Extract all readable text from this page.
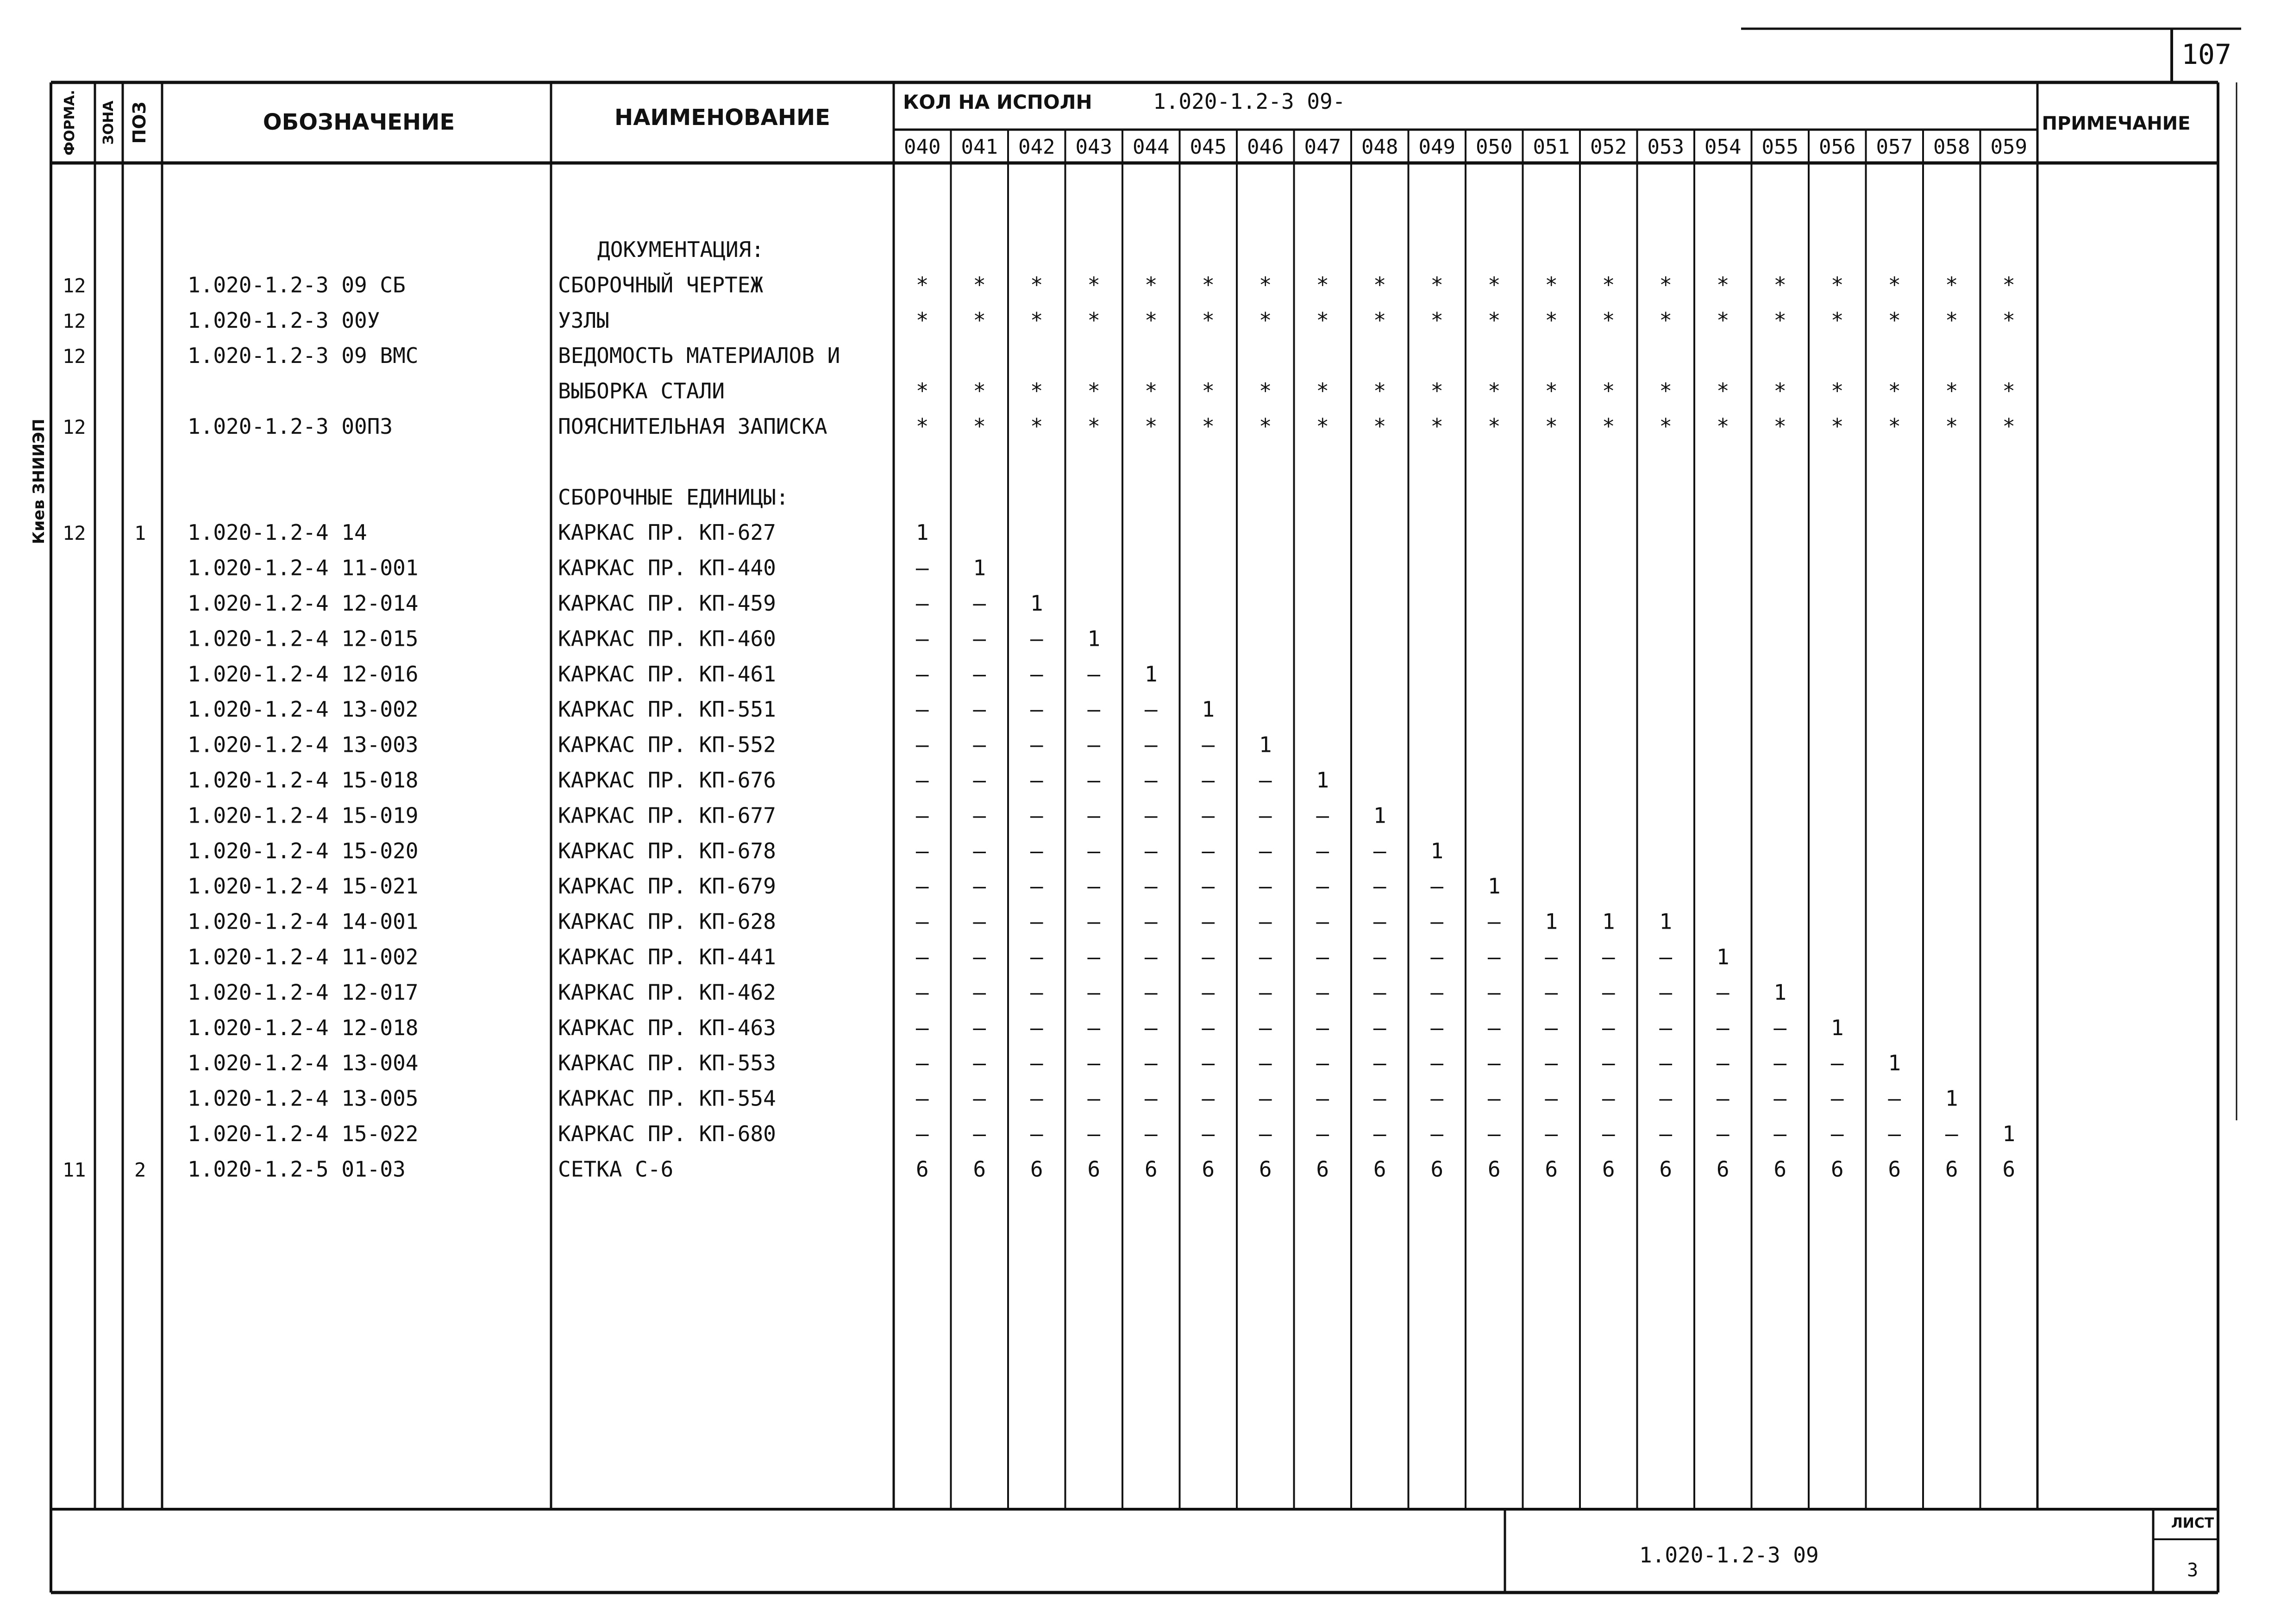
107
Киев ЗНИИЭП
ФОРМА. ЗОНА ПОЗ	ОБОЗНАЧЕНИЕ	НАИМЕНОВАНИЕ
КОЛ НА ИСПОЛН	1.020-1.2-3 09-
ПРИМЕЧАНИЕ
040 041 042 043 044 045 046 047 048 049 050 051 052 053 054 055 056 057 058 059
ДОКУМЕНТАЦИЯ:
12	1.020-1.2-3 09 СБ	СБОРОЧНЫЙ ЧЕРТЕЖ	* * * * * * * * * * * * * * * * * * * *
12	1.020-1.2-3 00У	УЗЛЫ	* * * * * * * * * * * * * * * * * * * *
12	1.020-1.2-3 09 ВМС	ВЕДОМОСТЬ МАТЕРИАЛОВ И
ВЫБОРКА СТАЛИ	* * * * * * * * * * * * * * * * * * * *
12	1.020-1.2-3 00ПЗ	ПОЯСНИТЕЛЬНАЯ ЗАПИСКА	* * * * * * * * * * * * * * * * * * * *
СБОРОЧНЫЕ ЕДИНИЦЫ:
12 1 1.020-1.2-4 14	КАРКАС ПР. КП-627	1
1.020-1.2-4 11-001	КАРКАС ПР. КП-440	– 1
1.020-1.2-4 12-014	КАРКАС ПР. КП-459	– – 1
1.020-1.2-4 12-015	КАРКАС ПР. КП-460	– – – 1
1.020-1.2-4 12-016	КАРКАС ПР. КП-461	– – – – 1
1.020-1.2-4 13-002	КАРКАС ПР. КП-551	– – – – – 1
1.020-1.2-4 13-003	КАРКАС ПР. КП-552	– – – – – – 1
1.020-1.2-4 15-018	КАРКАС ПР. КП-676	– – – – – – – 1
1.020-1.2-4 15-019	КАРКАС ПР. КП-677	– – – – – – – – 1
1.020-1.2-4 15-020	КАРКАС ПР. КП-678	– – – – – – – – – 1
1.020-1.2-4 15-021	КАРКАС ПР. КП-679	– – – – – – – – – – 1
1.020-1.2-4 14-001	КАРКАС ПР. КП-628	– – – – – – – – – – – 1 1 1
1.020-1.2-4 11-002	КАРКАС ПР. КП-441	– – – – – – – – – – – – – – 1
1.020-1.2-4 12-017	КАРКАС ПР. КП-462	– – – – – – – – – – – – – – – 1
1.020-1.2-4 12-018	КАРКАС ПР. КП-463	– – – – – – – – – – – – – – – – 1
1.020-1.2-4 13-004	КАРКАС ПР. КП-553	– – – – – – – – – – – – – – – – – 1
1.020-1.2-4 13-005	КАРКАС ПР. КП-554	– – – – – – – – – – – – – – – – – – 1
1.020-1.2-4 15-022	КАРКАС ПР. КП-680	– – – – – – – – – – – – – – – – – – – 1
11 2 1.020-1.2-5 01-03	СЕТКА С-6	6 6 6 6 6 6 6 6 6 6 6 6 6 6 6 6 6 6 6 6
1.020-1.2-3 09
ЛИСТ
3
